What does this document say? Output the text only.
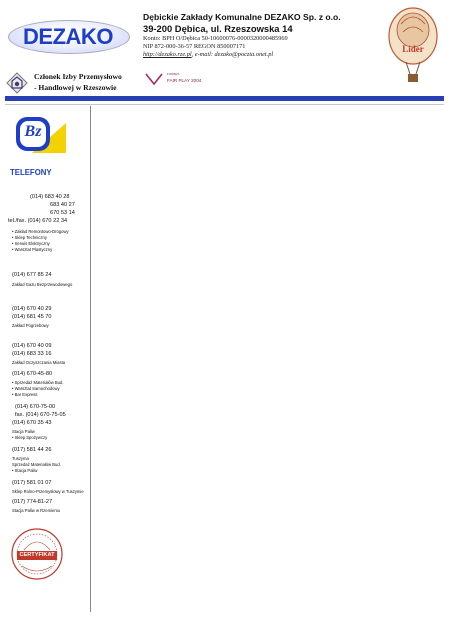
DEZAKO
Członek Izby Przemysłowo
- Handlowej w Rzeszowie
Dębickie Zakłady Komunalne DEZAKO Sp. z o.o.
39-200 Dębica, ul. Rzeszowska 14
Konto: BPH O/Dębica 50-10600076-0000320000485969
NIP 872-000-36-57 REGON 850007171
http://dezako.rze.pl, e-mail: dezako@poczta.onet.pl
FORBES
FAIR PLAY 2004
Lider
Bz
TELEFONY
(014) 683 40 28
683 40 27
670 53 14
tel./fax. (014) 670 22 34
• Zakład Remontowo-Drogowy
• Sklep Techniczny
• Serwis Elektryczny
• Warsztat Plastyczny
(014) 677 85 24
Zakład Gazu Bezprzewodowego
(014) 670 40 29
(014) 681 45 70
Zakład Pogrzebowy
(014) 670 40 09
(014) 683 33 16
Zakład Oczyszczania Miasta
(014) 670-45-80
• Sprzedaż Materiałów Bud.
• Warsztat Samochodowy
• Bar Express
(014) 670-75-00
fax. (014) 670-75-05
(014) 670 35 43
Stacja Paliw
• Sklep Spożywczy
(017) 581 44 26
Tuszyma
Sprzedaż Materiałów Bud.
• Stacja Paliw
(017) 581 01 07
Sklep Rolno-Przemysłowy w Tuszymie
(017) 774-81-27
Stacja Paliw w Rzemieniu
CERTYFIKAT
